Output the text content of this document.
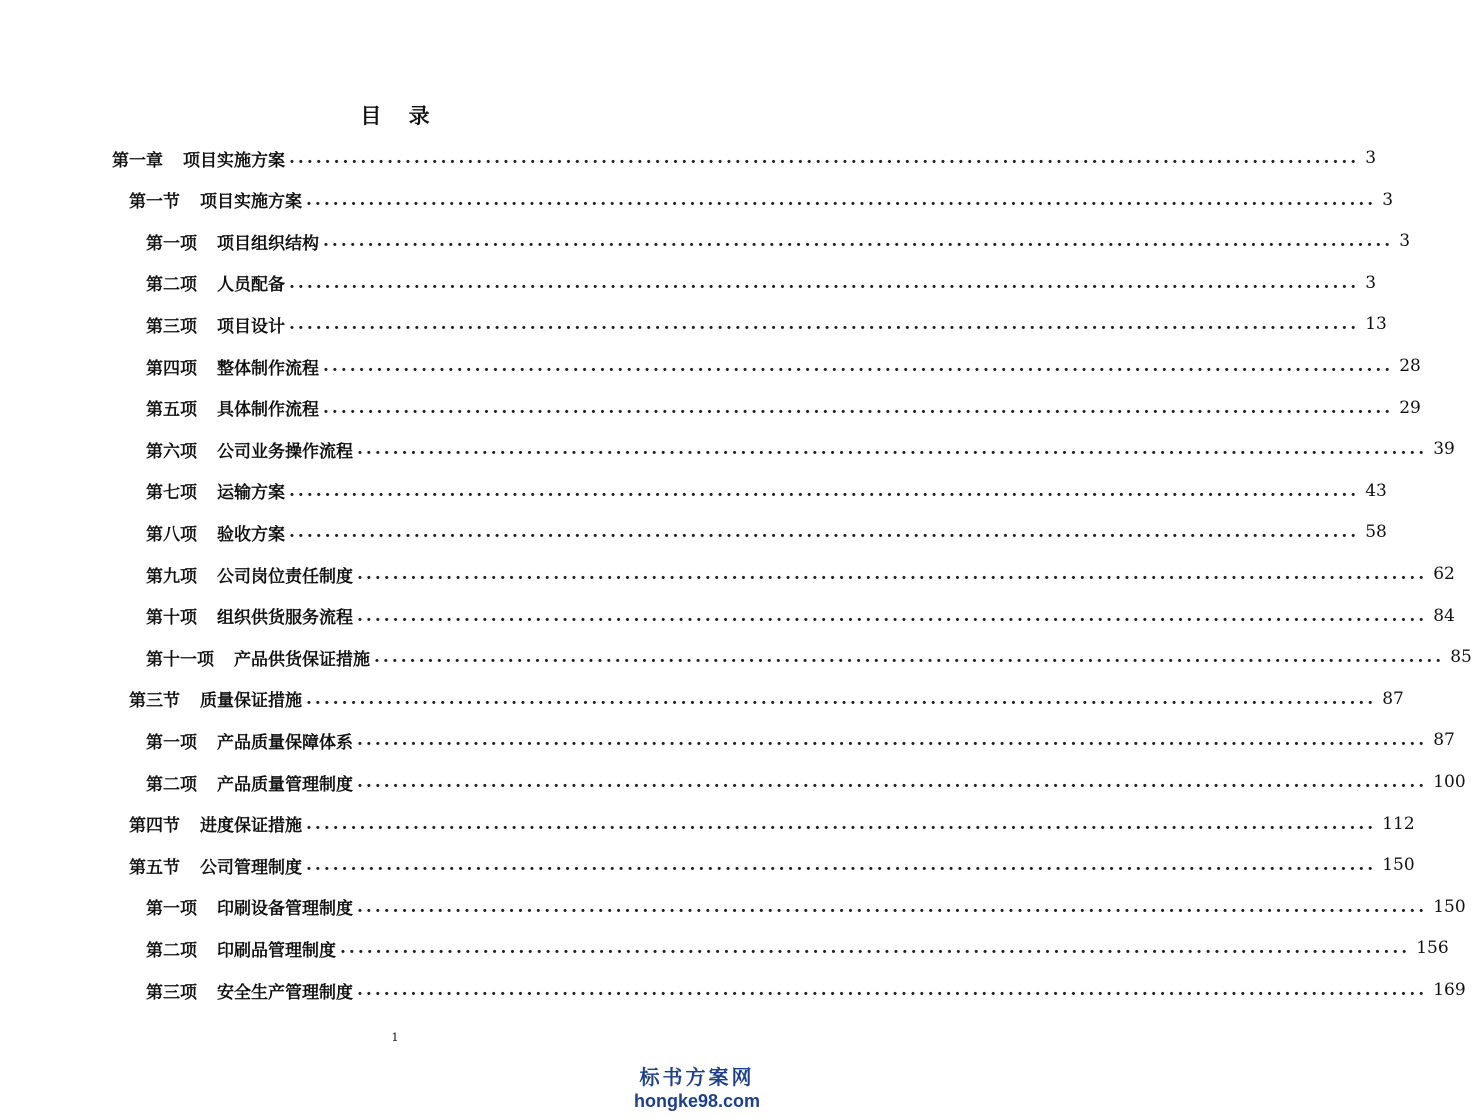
目 录
第一章 项目实施方案 ........................................................................................................................ 3
第一节 项目实施方案 ........................................................................................................................ 3
第一项 项目组织结构 ........................................................................................................................ 3
第二项 人员配备 ........................................................................................................................ 3
第三项 项目设计 ........................................................................................................................ 13
第四项 整体制作流程 ........................................................................................................................ 28
第五项 具体制作流程 ........................................................................................................................ 29
第六项 公司业务操作流程 ........................................................................................................................ 39
第七项 运输方案 ........................................................................................................................ 43
第八项 验收方案 ........................................................................................................................ 58
第九项 公司岗位责任制度 ........................................................................................................................ 62
第十项 组织供货服务流程 ........................................................................................................................ 84
第十一项 产品供货保证措施 ........................................................................................................................ 85
第三节 质量保证措施 ........................................................................................................................ 87
第一项 产品质量保障体系 ........................................................................................................................ 87
第二项 产品质量管理制度 ........................................................................................................................ 100
第四节 进度保证措施 ........................................................................................................................ 112
第五节 公司管理制度 ........................................................................................................................ 150
第一项 印刷设备管理制度 ........................................................................................................................ 150
第二项 印刷品管理制度 ........................................................................................................................ 156
第三项 安全生产管理制度 ........................................................................................................................ 169
1
标书方案网
hongke98.com
